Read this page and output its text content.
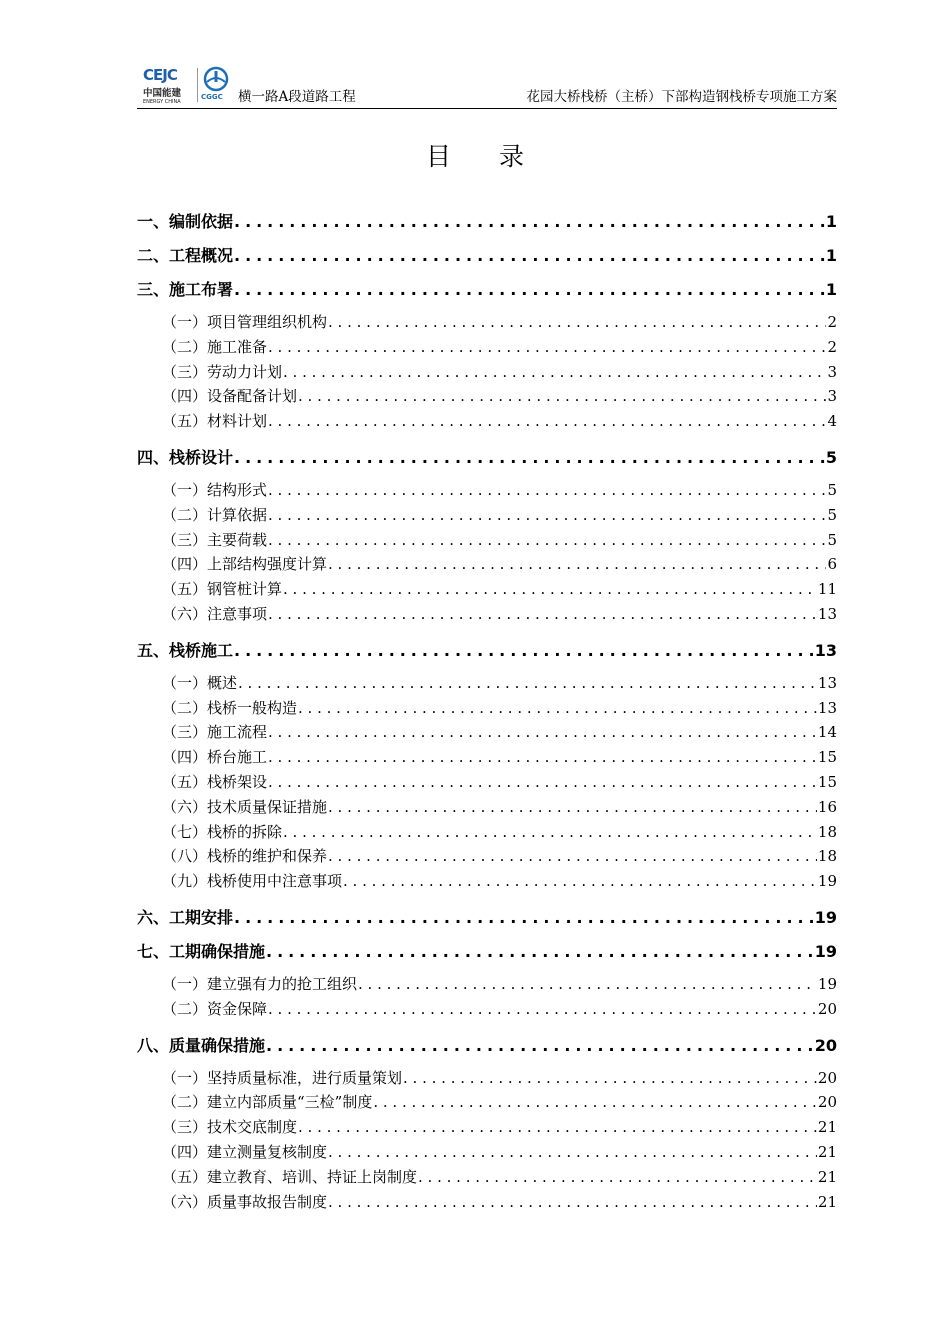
CEJC
中国能建
ENERGY CHINA
CGGC 横一路A段道路工程	花园大桥栈桥（主桥）下部构造钢栈桥专项施工方案
目录
一、编制依据 . . .	1
二、工程概况 . . .	1
三、施工布署 . . .	1
（一）项目管理组织机构 . . .	2
（二）施工准备 . . .	2
（三）劳动力计划 . . .	3
（四）设备配备计划 . . .	3
（五）材料计划 . . .	4
四、栈桥设计 . . .	5
（一）结构形式 . . .	5
（二）计算依据 . . .	5
（三）主要荷载 . . .	5
（四）上部结构强度计算 . . .	6
（五）钢管桩计算 . . .	11
（六）注意事项 . . .	13
五、栈桥施工 . . .	13
（一）概述 . . .	13
（二）栈桥一般构造 . . .	13
（三）施工流程 . . .	14
（四）桥台施工 . . .	15
（五）栈桥架设 . . .	15
（六）技术质量保证措施 . . .	16
（七）栈桥的拆除 . . .	18
（八）栈桥的维护和保养 . . .	18
（九）栈桥使用中注意事项 . . .	19
六、工期安排 . . .	19
七、工期确保措施 . . .	19
（一）建立强有力的抢工组织 . . .	19
（二）资金保障 . . .	20
八、质量确保措施 . . .	20
（一）坚持质量标准，进行质量策划 . . .	20
（二）建立内部质量“三检”制度 . . .	20
（三）技术交底制度 . . .	21
（四）建立测量复核制度 . . .	21
（五）建立教育、培训、持证上岗制度 . . .	21
（六）质量事故报告制度 . . .	21
